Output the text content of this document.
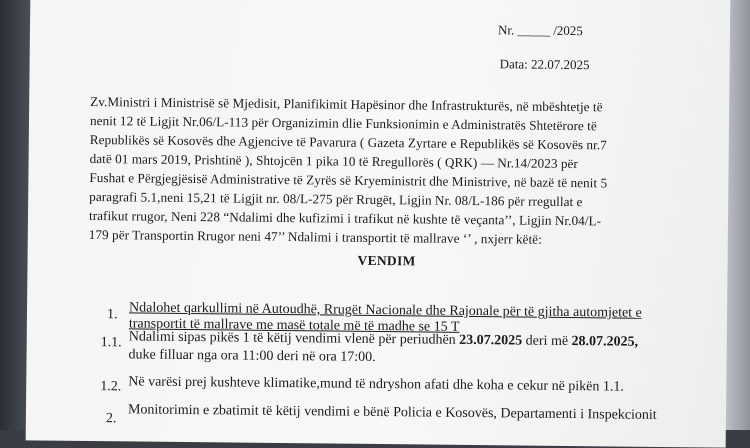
Nr. _____ /2025
Data: 22.07.2025
Zv.Ministri i Ministrisë së Mjedisit, Planifikimit Hapësinor dhe Infrastrukturës, në mbështetje të
nenit 12 të Ligjit Nr.06/L-113 për Organizimin dlie Funksionimin e Administratës Shtetërore të
Republikës së Kosovës dhe Agjencive të Pavarura ( Gazeta Zyrtare e Republikës së Kosovës nr.7
datë 01 mars 2019, Prishtinë ), Shtojcën 1 pika 10 të Rregullorës ( QRK) — Nr.14/2023 për
Fushat e Përgjegjësisë Administrative të Zyrës së Kryeministrit dhe Ministrive, në bazë të nenit 5
paragrafi 5.1,neni 15,21 të Ligjit nr. 08/L-275 për Rrugët, Ligjin Nr. 08/L-186 për rregullat e
trafikut rrugor, Neni 228 “Ndalimi dhe kufizimi i trafikut në kushte të veçanta’’, Ligjin Nr.04/L-
179 për Transportin Rrugor neni 47’’ Ndalimi i transportit të mallrave ‘’ , nxjerr këtë:
VENDIM
1. Ndalohet qarkullimi në Autoudhë, Rrugët Nacionale dhe Rajonale për të gjitha automjetet e
transportit të mallrave me masë totale më të madhe se 15 T
1.1. Ndalimi sipas pikës 1 të këtij vendimi vlenë për periudhën 23.07.2025 deri më 28.07.2025,
duke filluar nga ora 11:00 deri në ora 17:00.
1.2. Në varësi prej kushteve klimatike,mund të ndryshon afati dhe koha e cekur në pikën 1.1.
2. Monitorimin e zbatimit të këtij vendimi e bënë Policia e Kosovës, Departamenti i Inspekcionit
